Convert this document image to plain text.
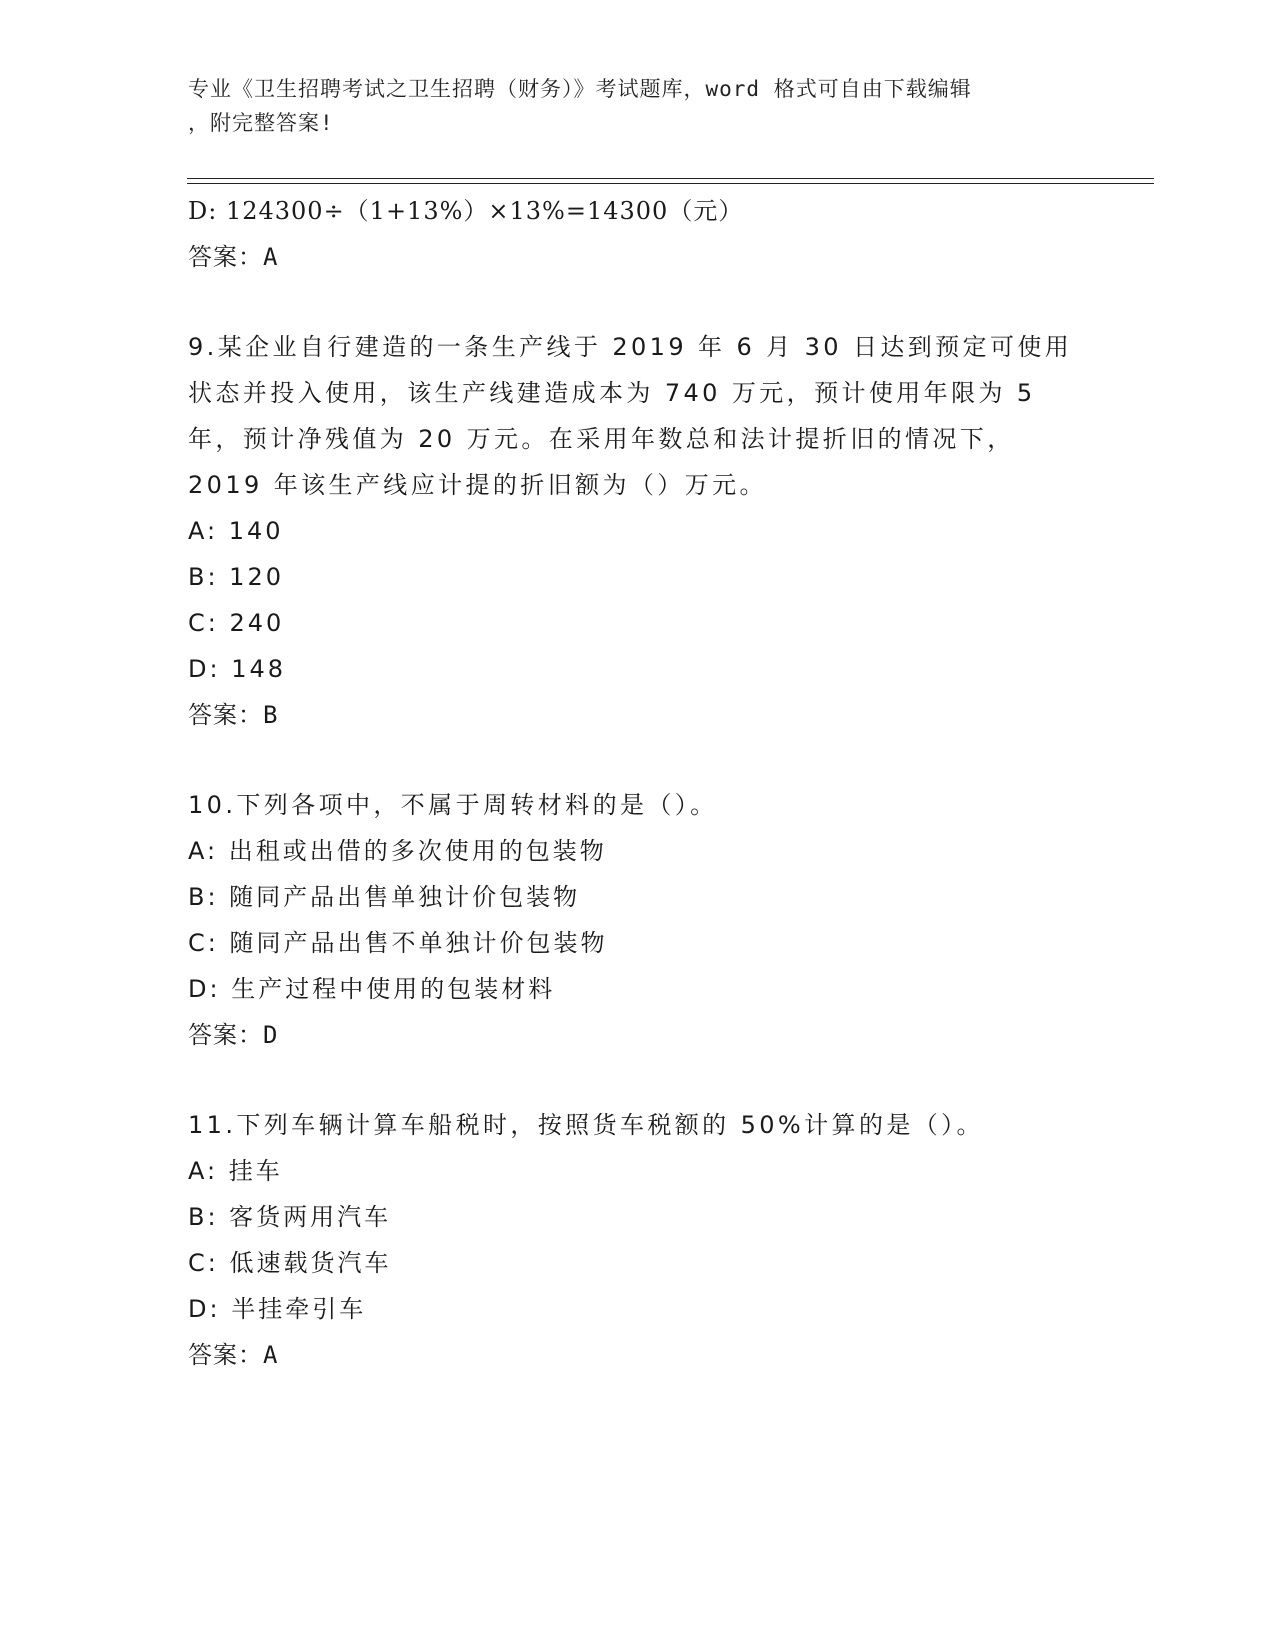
专业《卫生招聘考试之卫生招聘（财务）》考试题库，word 格式可自由下载编辑
，附完整答案!
D: 124300÷（1+13%）×13%=14300（元）
答案：A
9.某企业自行建造的一条生产线于 2019 年 6 月 30 日达到预定可使用
状态并投入使用，该生产线建造成本为 740 万元，预计使用年限为 5
年，预计净残值为 20 万元。在采用年数总和法计提折旧的情况下，
2019 年该生产线应计提的折旧额为（）万元。
A: 140
B: 120
C: 240
D: 148
答案：B
10.下列各项中，不属于周转材料的是（）。
A: 出租或出借的多次使用的包装物
B: 随同产品出售单独计价包装物
C: 随同产品出售不单独计价包装物
D: 生产过程中使用的包装材料
答案：D
11.下列车辆计算车船税时，按照货车税额的 50%计算的是（）。
A: 挂车
B: 客货两用汽车
C: 低速载货汽车
D: 半挂牵引车
答案：A
